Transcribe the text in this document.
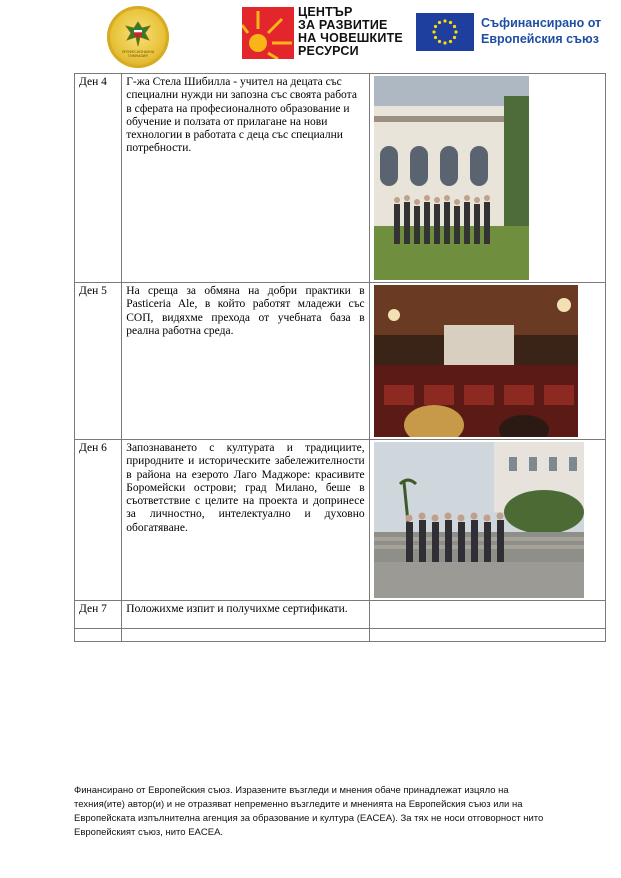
ПРОФЕСИОНАЛНА ГИМНАЗИЯ
ЦЕНТЪР
ЗА РАЗВИТИЕ
НА ЧОВЕШКИТЕ
РЕСУРСИ
Съфинансирано от
Европейския съюз
Ден 4	Г-жа Стела Шибилла - учител на децата със специални нужди ни запозна със своята работа в сферата на професионалното образование и обучение и ползата от прилагане на нови технологии в работата с деца със специални потребности.	

Ден 5	На среща за обмяна на добри практики в Pasticeria Ale, в който работят младежи със СОП, видяхме прехода от учебната база в реална работна среда.	

Ден 6	Запознаването с културата и традициите, природните и историческите забележителности в района на езерото Лаго Маджоре: красивите Боромейски острови; град Милано, беше в съответствие с целите на проекта и допринесе за личностно, интелектуално и духовно обогатяване.	

Ден 7	Положихме изпит и получихме сертификати.	

Финансирано от Европейския съюз. Изразените възгледи и мнения обаче принадлежат изцяло на техния(ите) автор(и) и не отразяват непременно възгледите и мненията на Европейския съюз или на Европейската изпълнителна агенция за образование и култура (EACEA). За тях не носи отговорност нито Европейският съюз, нито EACEA.
